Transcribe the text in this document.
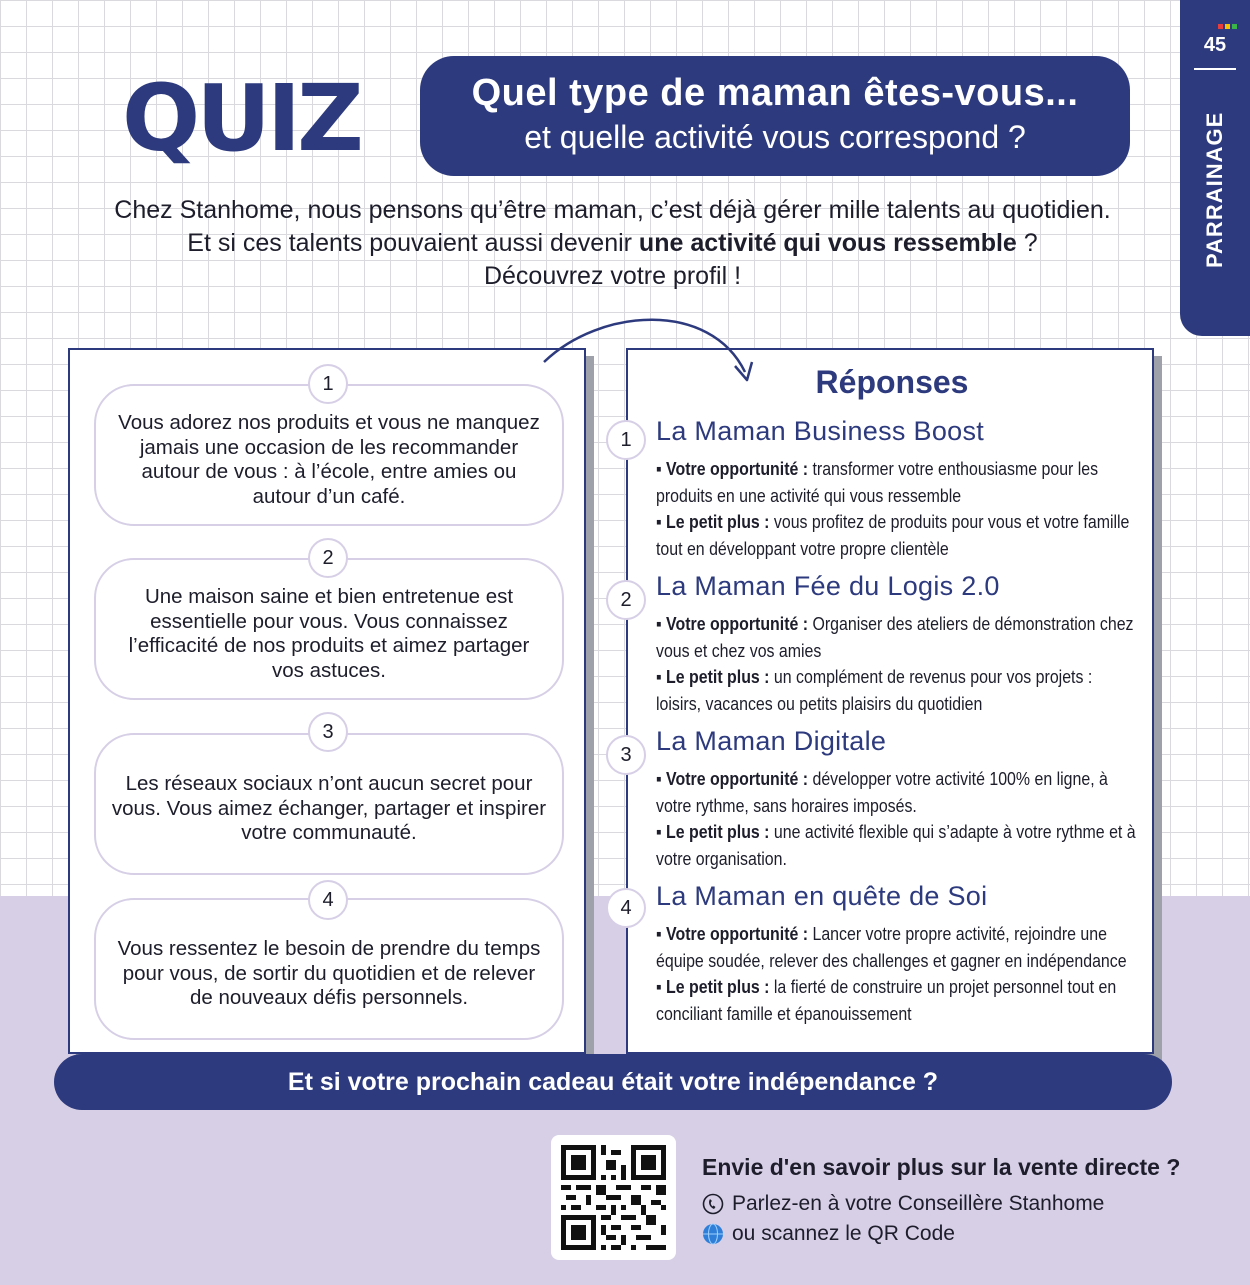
45
PARRAINAGE
QUIZ	Quel type de maman êtes-vous...
et quelle activité vous correspond ?
Chez Stanhome, nous pensons qu’être maman, c’est déjà gérer mille talents au quotidien.
Et si ces talents pouvaient aussi devenir une activité qui vous ressemble ?
Découvrez votre profil !
Vous adorez nos produits et vous ne manquez jamais une occasion de les recommander autour de vous : à l’école, entre amies ou autour d’un café.
1
Une maison saine et bien entretenue est essentielle pour vous. Vous connaissez l’efficacité de nos produits et aimez partager vos astuces.
2
Les réseaux sociaux n’ont aucun secret pour vous. Vous aimez échanger, partager et inspirer votre communauté.
3
Vous ressentez le besoin de prendre du temps pour vous, de sortir du quotidien et de relever de nouveaux défis personnels.
4
Réponses
1 La Maman Business Boost
▪ Votre opportunité : transformer votre enthousiasme pour les produits en une activité qui vous ressemble
▪ Le petit plus : vous profitez de produits pour vous et votre famille tout en développant votre propre clientèle
2 La Maman Fée du Logis 2.0
▪ Votre opportunité : Organiser des ateliers de démonstration chez vous et chez vos amies
▪ Le petit plus : un complément de revenus pour vos projets : loisirs, vacances ou petits plaisirs du quotidien
3 La Maman Digitale
▪ Votre opportunité : développer votre activité 100% en ligne, à votre rythme, sans horaires imposés.
▪ Le petit plus : une activité flexible qui s’adapte à votre rythme et à votre organisation.
4 La Maman en quête de Soi
▪ Votre opportunité : Lancer votre propre activité, rejoindre une équipe soudée, relever des challenges et gagner en indépendance
▪ Le petit plus : la fierté de construire un projet personnel tout en conciliant famille et épanouissement
Et si votre prochain cadeau était votre indépendance ?
Envie d'en savoir plus sur la vente directe ?
Parlez-en à votre Conseillère Stanhome
ou scannez le QR Code
